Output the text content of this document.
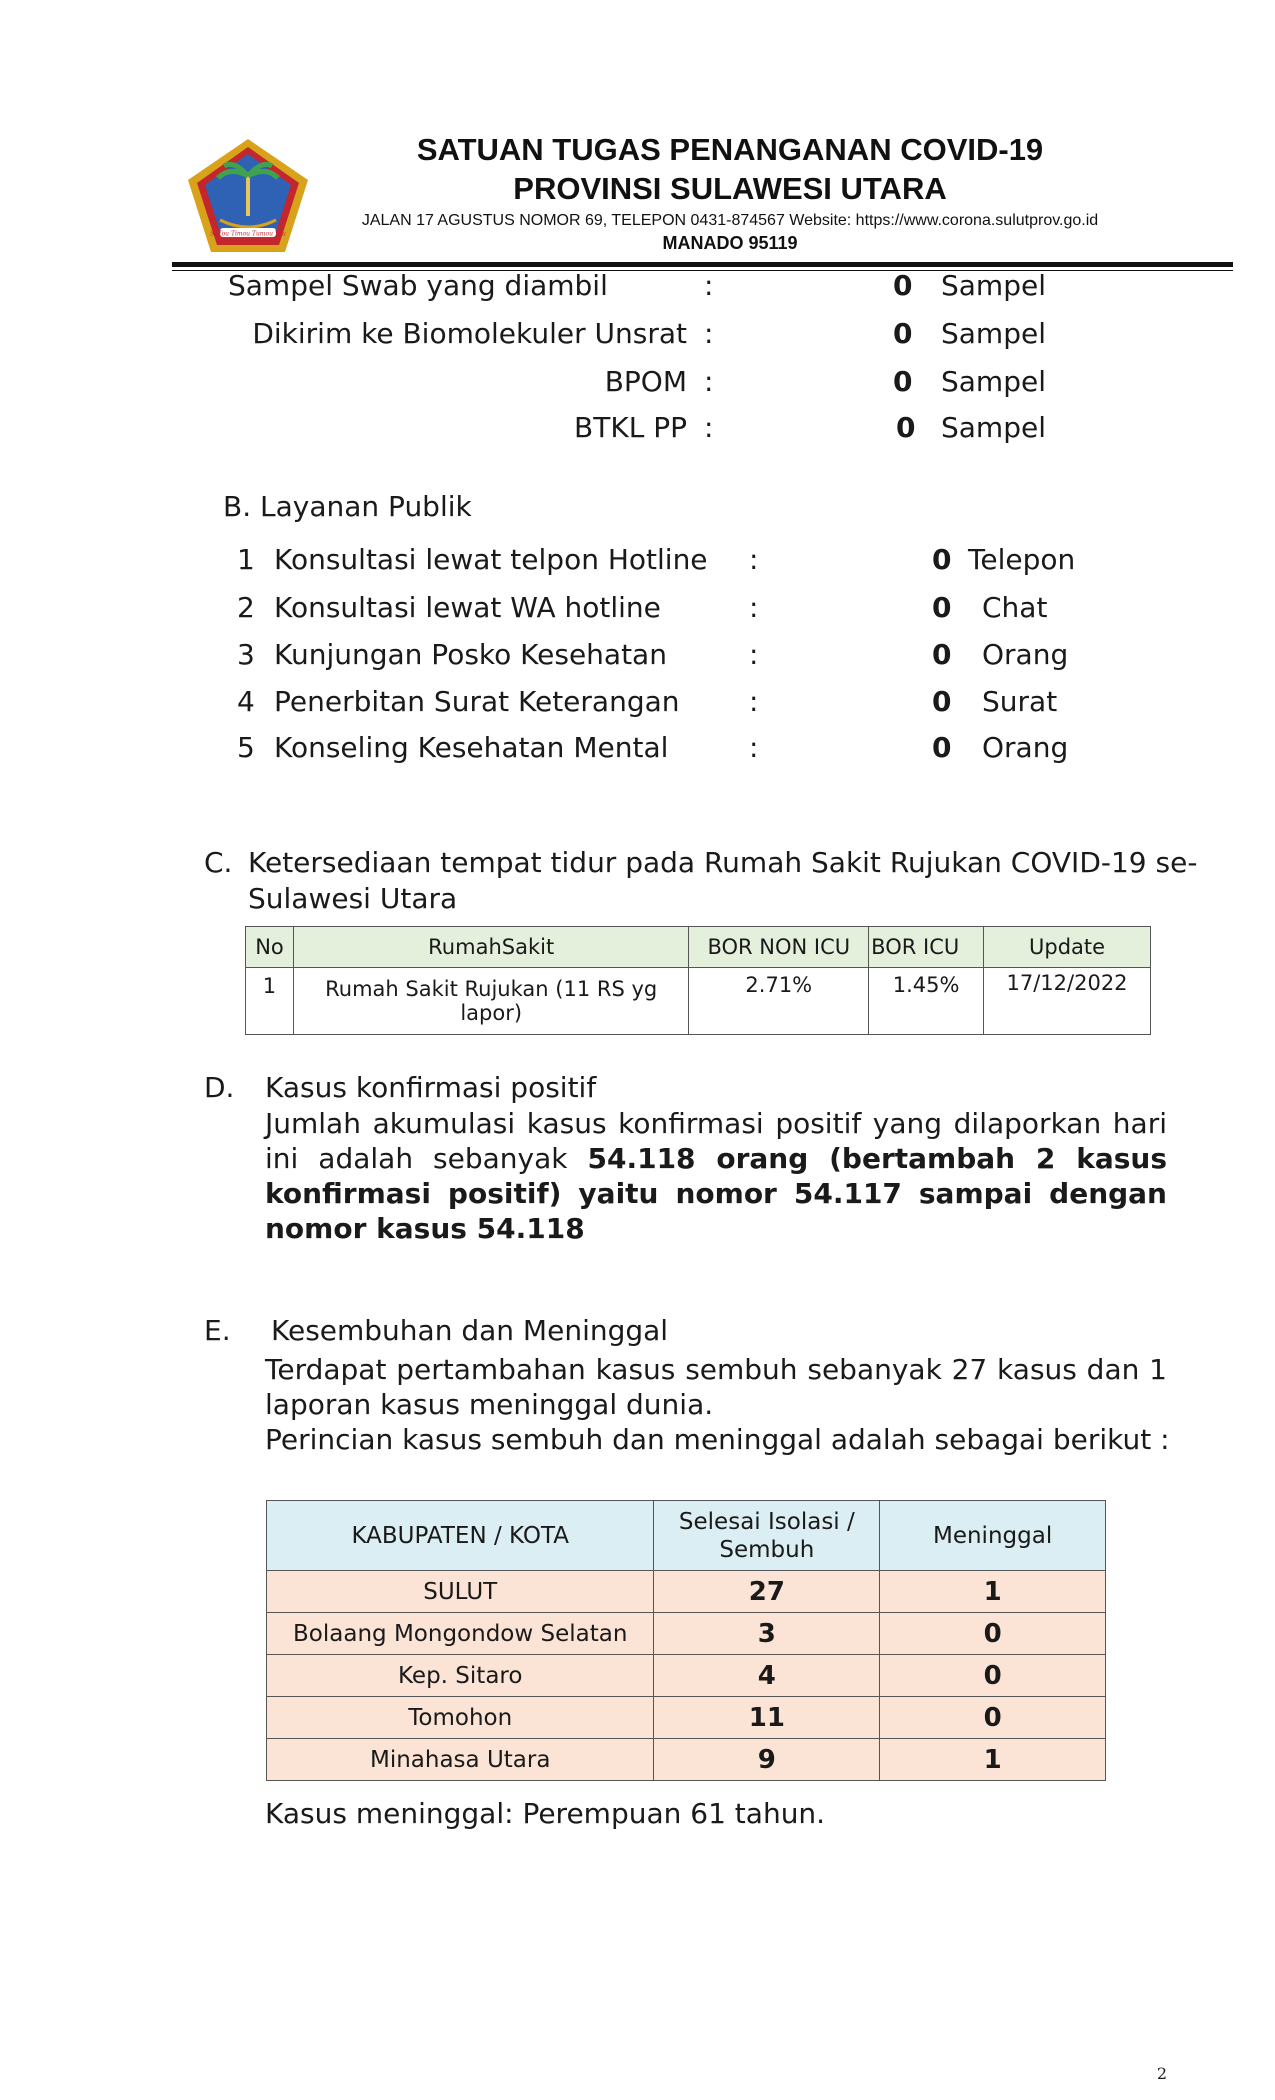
Si Tou Timou Tumou Tou
SATUAN TUGAS PENANGANAN COVID-19
PROVINSI SULAWESI UTARA
JALAN 17 AGUSTUS NOMOR 69, TELEPON 0431-874567 Website: https://www.corona.sulutprov.go.id
MANADO 95119
Sampel Swab yang diambil	:	0 Sampel
Dikirim ke Biomolekuler Unsrat :	0 Sampel
BPOM :	0 Sampel
BTKL PP :	0 Sampel
B. Layanan Publik
1 Konsultasi lewat telpon Hotline :	0 Telepon
2 Konsultasi lewat WA hotline	:	0 Chat
3 Kunjungan Posko Kesehatan	:	0 Orang
4 Penerbitan Surat Keterangan :	0 Surat
5 Konseling Kesehatan Mental	:	0 Orang
C. Ketersediaan tempat tidur pada Rumah Sakit Rujukan COVID-19 se-
Sulawesi Utara
No	RumahSakit	BOR NON ICU	BOR ICU	Update
1	Rumah Sakit Rujukan (11 RS yg lapor)	2.71%	1.45%	17/12/2022
D. Kasus konfirmasi positif
Jumlah akumulasi kasus konfirmasi positif yang dilaporkan hari ini adalah sebanyak 54.118 orang (bertambah 2 kasus konfirmasi positif) yaitu nomor 54.117 sampai dengan nomor kasus 54.118
E. Kesembuhan dan Meninggal
Terdapat pertambahan kasus sembuh sebanyak 27 kasus dan 1 laporan kasus meninggal dunia.
Perincian kasus sembuh dan meninggal adalah sebagai berikut :
KABUPATEN / KOTA	Selesai Isolasi / Sembuh	Meninggal
SULUT	27	1
Bolaang Mongondow Selatan	3	0
Kep. Sitaro	4	0
Tomohon	11	0
Minahasa Utara	9	1
Kasus meninggal: Perempuan 61 tahun.
2
